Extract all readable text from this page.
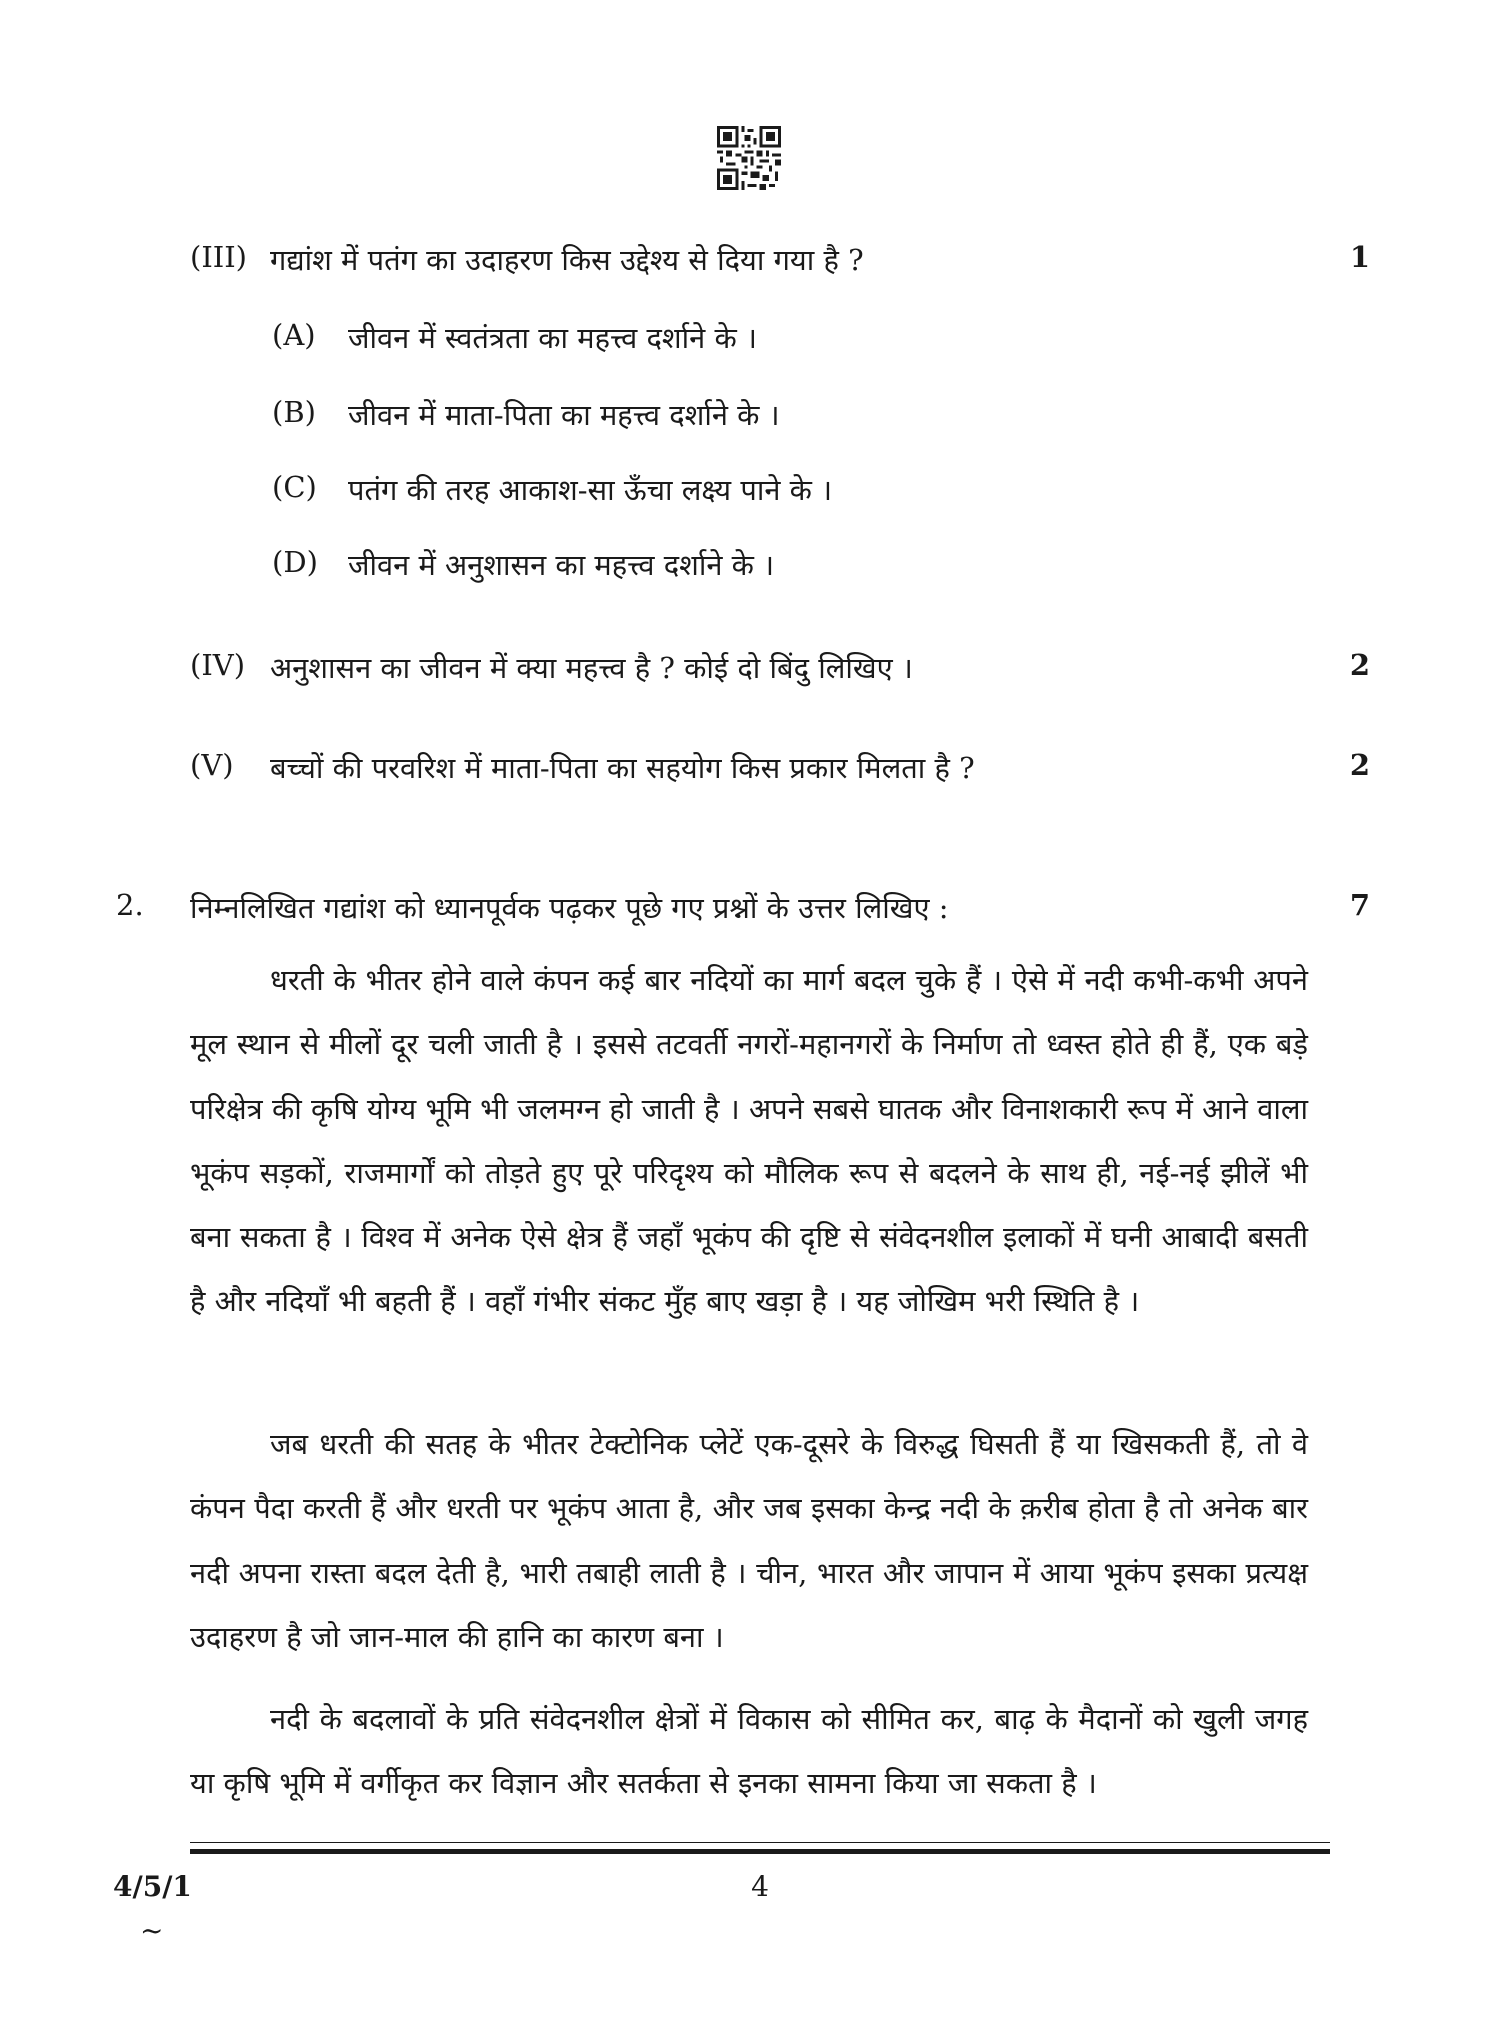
(III) गद्यांश में पतंग का उदाहरण किस उद्देश्य से दिया गया है ?	1
(A) जीवन में स्वतंत्रता का महत्त्व दर्शाने के ।
(B) जीवन में माता-पिता का महत्त्व दर्शाने के ।
(C) पतंग की तरह आकाश-सा ऊँचा लक्ष्य पाने के ।
(D) जीवन में अनुशासन का महत्त्व दर्शाने के ।
(IV) अनुशासन का जीवन में क्या महत्त्व है ? कोई दो बिंदु लिखिए ।	2
(V) बच्चों की परवरिश में माता-पिता का सहयोग किस प्रकार मिलता है ?	2
2. निम्नलिखित गद्यांश को ध्यानपूर्वक पढ़कर पूछे गए प्रश्नों के उत्तर लिखिए :	7

धरती के भीतर होने वाले कंपन कई बार नदियों का मार्ग बदल चुके हैं । ऐसे में नदी कभी-कभी अपने मूल स्थान से मीलों दूर चली जाती है । इससे तटवर्ती नगरों-महानगरों के निर्माण तो ध्वस्त होते ही हैं, एक बड़े परिक्षेत्र की कृषि योग्य भूमि भी जलमग्न हो जाती है । अपने सबसे घातक और विनाशकारी रूप में आने वाला भूकंप सड़कों, राजमार्गों को तोड़ते हुए पूरे परिदृश्य को मौलिक रूप से बदलने के साथ ही, नई-नई झीलें भी बना सकता है । विश्व में अनेक ऐसे क्षेत्र हैं जहाँ भूकंप की दृष्टि से संवेदनशील इलाकों में घनी आबादी बसती है और नदियाँ भी बहती हैं । वहाँ गंभीर संकट मुँह बाए खड़ा है । यह जोखिम भरी स्थिति है ।

जब धरती की सतह के भीतर टेक्टोनिक प्लेटें एक-दूसरे के विरुद्ध घिसती हैं या खिसकती हैं, तो वे कंपन पैदा करती हैं और धरती पर भूकंप आता है, और जब इसका केन्द्र नदी के क़रीब होता है तो अनेक बार नदी अपना रास्ता बदल देती है, भारी तबाही लाती है । चीन, भारत और जापान में आया भूकंप इसका प्रत्यक्ष उदाहरण है जो जान-माल की हानि का कारण बना ।

नदी के बदलावों के प्रति संवेदनशील क्षेत्रों में विकास को सीमित कर, बाढ़ के मैदानों को खुली जगह या कृषि भूमि में वर्गीकृत कर विज्ञान और सतर्कता से इनका सामना किया जा सकता है ।

4/5/1	4
~
